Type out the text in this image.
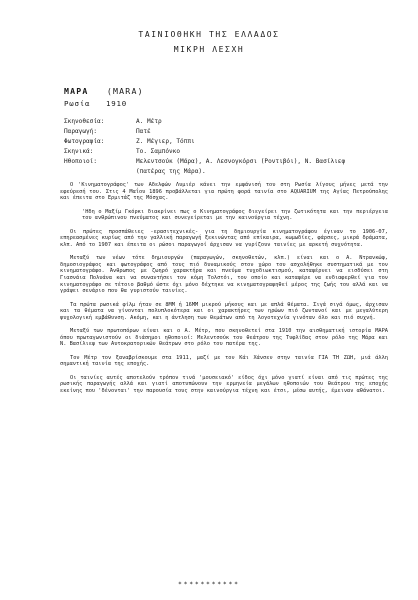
ΤΑΙΝΙΟΘΗΚΗ ΤΗΣ ΕΛΛΑΔΟΣ
ΜΙΚΡΗ ΛΕΣΧΗ
ΜΑΡΑ (MARA)
Ρωσία 1910
Σκηνοθεσία:	Α. Μέτρ
Παραγωγή:	Πατέ
Φωτογραφία:	Ζ. Μέγιερ, Τόππι
Σκηνικά:	Το. Σαμπόνκο
Ηθοποιοί:	Μελεντσούκ (Μάρα), Α. Λεσνογκόρσι (Ροντιβόι), Ν. Βασίλιεφ
(πατέρας της Μάρα).

Ο 'Κινηματογράφος' των Αδελφών Λυμιέρ κάνει την εμφάνισή του στη Ρωσία λίγους μήνες μετά την εφεύρεσή του. Στις 4 Μαΐου 1896 προβάλλεται για πρώτη φορά ταινία στο AQUARIUM της Αγίας Πετρούπολης και έπειτα στο Ερμιτάζ της Μόσχας.

'Ηδη ο Μαξίμ Γκόρκι διακρίνει πως ο Κινηματογράφος διεγείρει την ζωτικότητα και την περιέργεια του ανθρώπινου πνεύματος και συνεγείρεται με την καινούργια τέχνη.

Οι πρώτες προσπάθειες -ερασιτεχνικές- για τη δημιουργία κινηματογράφου έγιναν το 1906-07, επηρεασμένες κυρίως από την γαλλική παραγωγή ξεκινώντας από επίκαιρα, κωμωδίες, φάρσες, μικρά δράματα, κλπ. Από το 1907 και έπειτα οι ρώσοι παραγωγοί άρχισαν να γυρίζουν ταινίες με αρκετή συχνότητα.

Μεταξύ των νέων τότε δημιουργών (παραγωγών, σκηνοθετών, κλπ.) είναι και ο Α. Ντρανκώφ, δημοσιογράφος και φωτογράφος από τους πιό δυναμικούς στον χώρο του ασχολήθηκε συστηματικά με τον κινηματογράφο. Άνθρωπος με ζωηρό χαρακτήρα και πνεύμα τυχοδιωκτισμού, καταφέρνει να εισδύσει στη Γιασνάια Πολυάνα και να συναντήσει τον κόμη Τολστόι, τον οποίο και καταφέρε να ενδιαφερθεί για τον κινηματογράφο σε τέτοιο βαθμό ώστε όχι μόνο δέχτηκε να κινηματογραφηθεί μέρος της ζωής του αλλά και να γράψει σενάριο που θα γυριστούν ταινίες.

Τα πρώτα ρωσικά φίλμ ήταν σε 8ΜΜ ή 16ΜΜ μικρού μήκους και με απλά θέματα. Σιγά σιγά όμως, άρχισαν και τα θέματα να γίνονται πολυπλοκότερα και οι χαρακτήρες των ηρώων πιό ζωντανοί και με μεγαλύτερη ψυχολογική εμβάθυνση. Ακόμη, και η άντληση των θεμάτων από τη λογοτεχνία γινόταν όλο και πιό συχνή.

Μεταξύ των πρωτοπόρων είναι και ο Α. Μέτρ, που σκηνοθετεί στα 1910 την αισθηματική ιστορία ΜΑΡΑ όπου πρωταγωνιστούν οι διάσημοι ηθοποιοί: Μελεντσούκ του θεάτρου της Τυφλίδας στον ρόλο της Μάρα και Ν. Βασίλιεφ των Αυτοκρατορικών θεάτρων στο ρόλο του πατέρα της.

Τον Μέτρ τον ξαναβρίσκουμε στα 1911, μαζί με τον Κάι Χάνσεν στην ταινία ΓΙΑ ΤΗ ΖΩΗ, μιά άλλη σημαντική ταινία της εποχής.

Οι ταινίες αυτές αποτελούν τρόπον τινά 'μουσειακό' είδος όχι μόνο γιατί είναι από τις πρώτες της ρωσικής παραγωγής αλλά και γιατί αποτυπώνουν την ερμηνεία μεγάλων ηθοποιών του θεάτρου της εποχής εκείνης που 'δένονται' την παρουσία τους στην καινούργια τέχνη και έτσι, μέσω αυτής, έμειναν αθάνατοι.

***********
